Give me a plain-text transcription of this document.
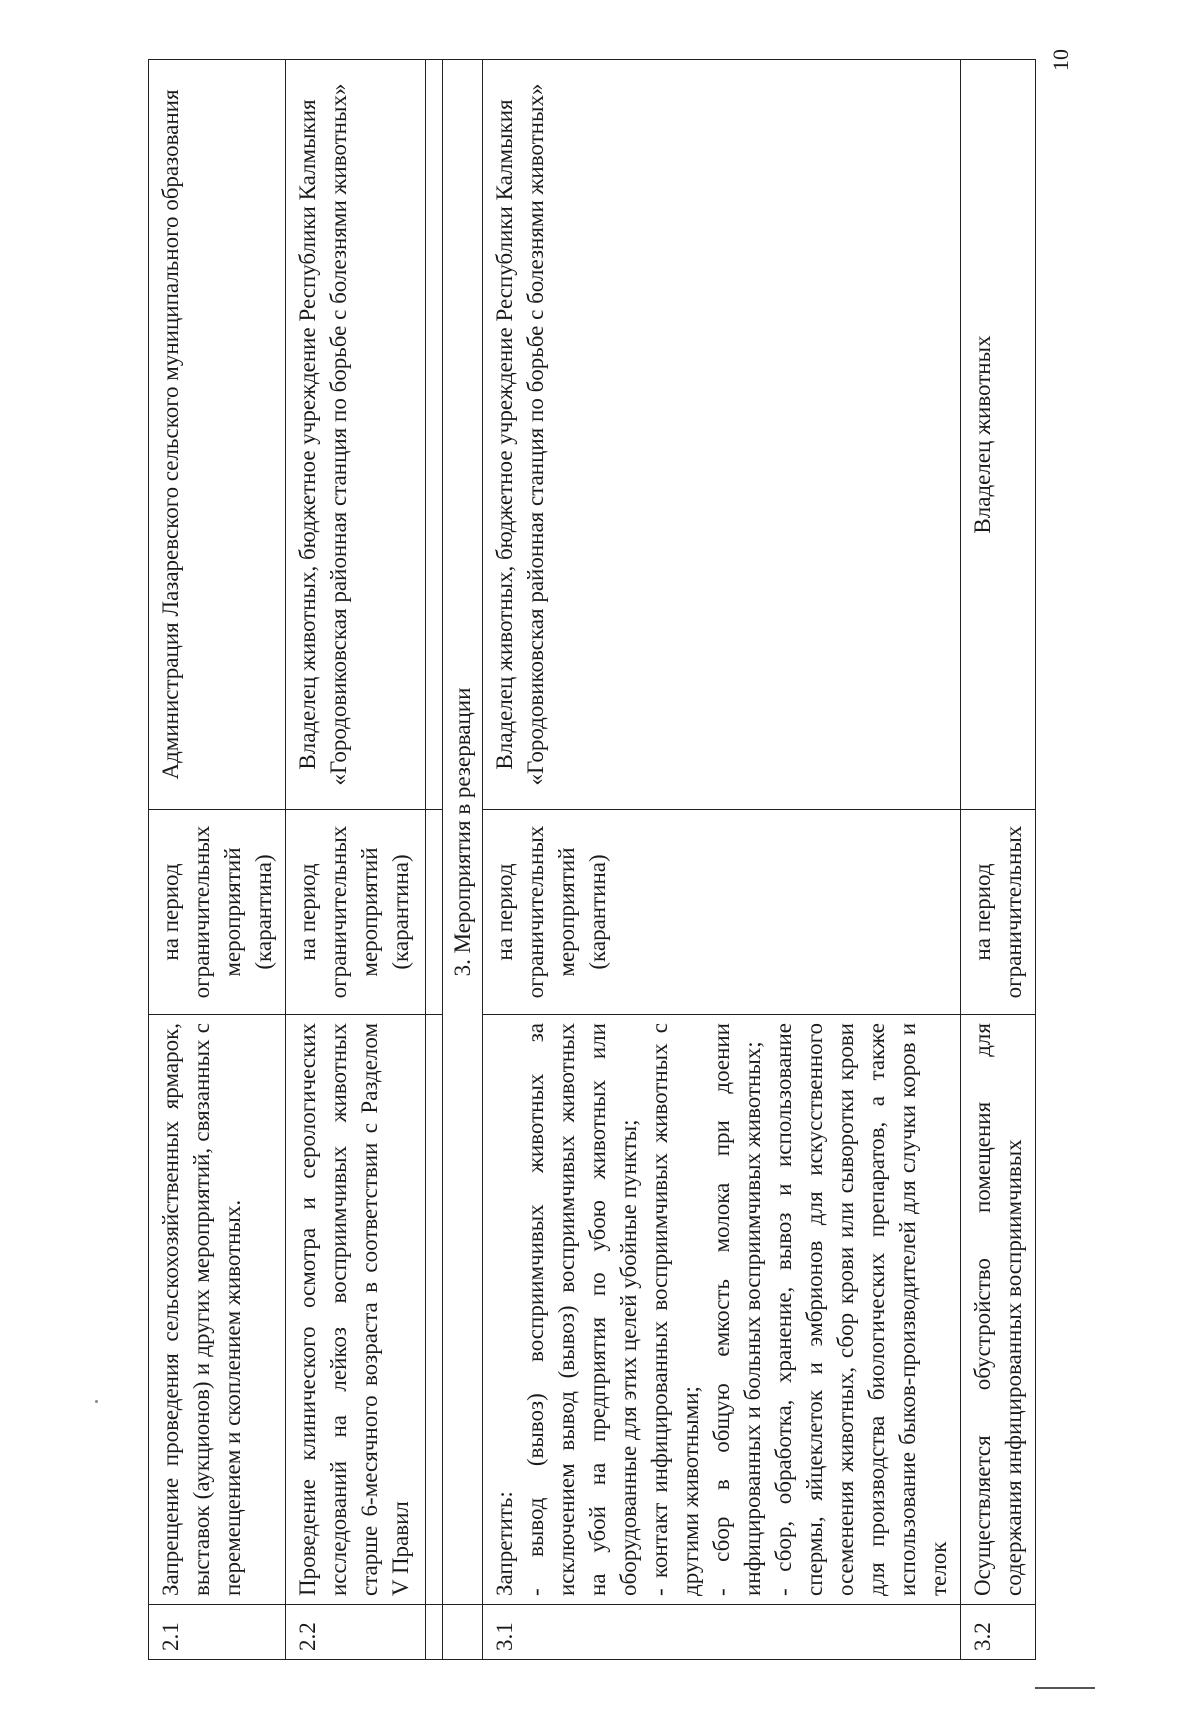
2.1	Запрещение проведения сельскохозяйственных ярмарок, выставок (аукционов) и других мероприятий, связанных с перемещением и скоплением животных.	на период ограничительных мероприятий (карантина)	Администрация Лазаревского сельского муниципального образования
2.2	Проведение клинического осмотра и серологических исследований на лейкоз восприимчивых животных старше 6-месячного возраста в соответствии с Разделом V Правил	на период ограничительных мероприятий (карантина)	Владелец животных, бюджетное учреждение Республики Калмыкия «Городовиковская районная станция по борьбе с болезнями животных»

	3. Мероприятия в резервации		
3.1	Запретить: - вывод (вывоз) восприимчивых животных за исключением вывод (вывоз) восприимчивых животных на убой на предприятия по убою животных или оборудованные для этих целей убойные пункты; - контакт инфицированных восприимчивых животных с другими животными; - сбор в общую емкость молока при доении инфицированных и больных восприимчивых животных; - сбор, обработка, хранение, вывоз и использование спермы, яйцеклеток и эмбрионов для искусственного осеменения животных, сбор крови или сыворотки крови для производства биологических препаратов, а также использование быков-производителей для случки коров и телок	на период ограничительных мероприятий (карантина)	Владелец животных, бюджетное учреждение Республики Калмыкия «Городовиковская районная станция по борьбе с болезнями животных»
3.2	Осуществляется обустройство помещения для содержания инфицированных восприимчивых	на период ограничительных	Владелец животных
10
